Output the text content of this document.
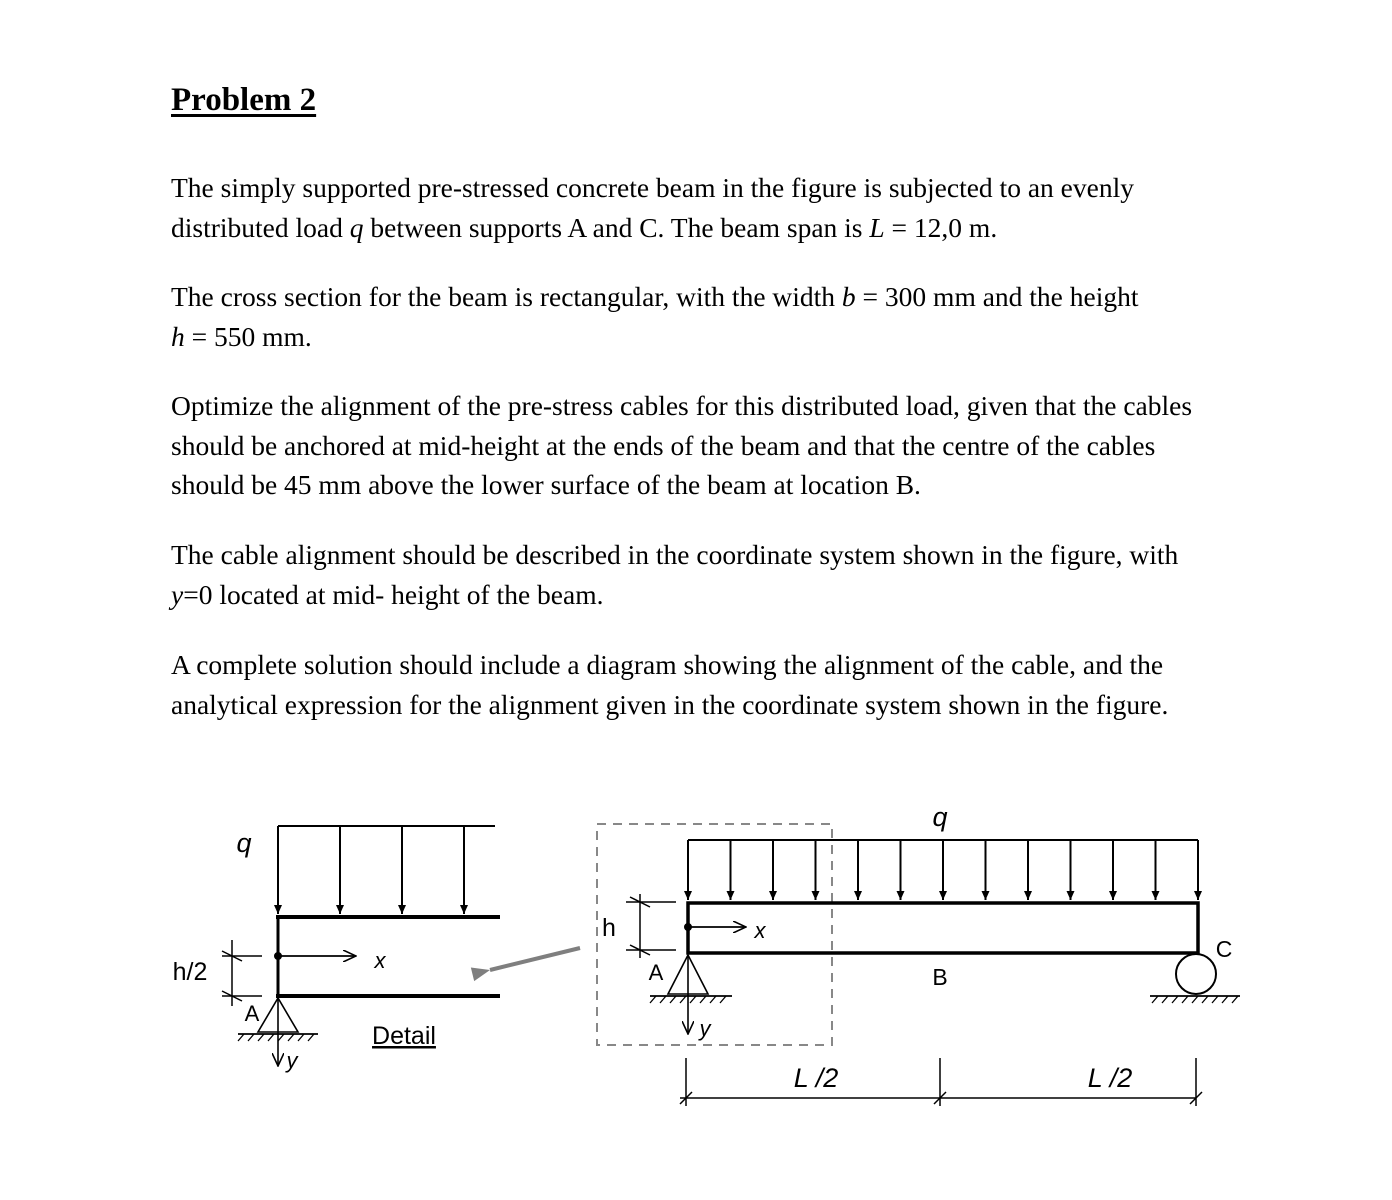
Problem 2

The simply supported pre-stressed concrete beam in the figure is subjected to an evenly
distributed load q between supports A and C. The beam span is L = 12,0 m.

The cross section for the beam is rectangular, with the width b = 300 mm and the height
h = 550 mm.

Optimize the alignment of the pre-stress cables for this distributed load, given that the cables
should be anchored at mid-height at the ends of the beam and that the centre of the cables
should be 45 mm above the lower surface of the beam at location B.

The cable alignment should be described in the coordinate system shown in the figure, with
y=0 located at mid- height of the beam.

A complete solution should include a diagram showing the alignment of the cable, and the
analytical expression for the alignment given in the coordinate system shown in the figure.

q
h/2	x
A
y
Detail
q
h	x
A
y
B
C
L /2	L /2
